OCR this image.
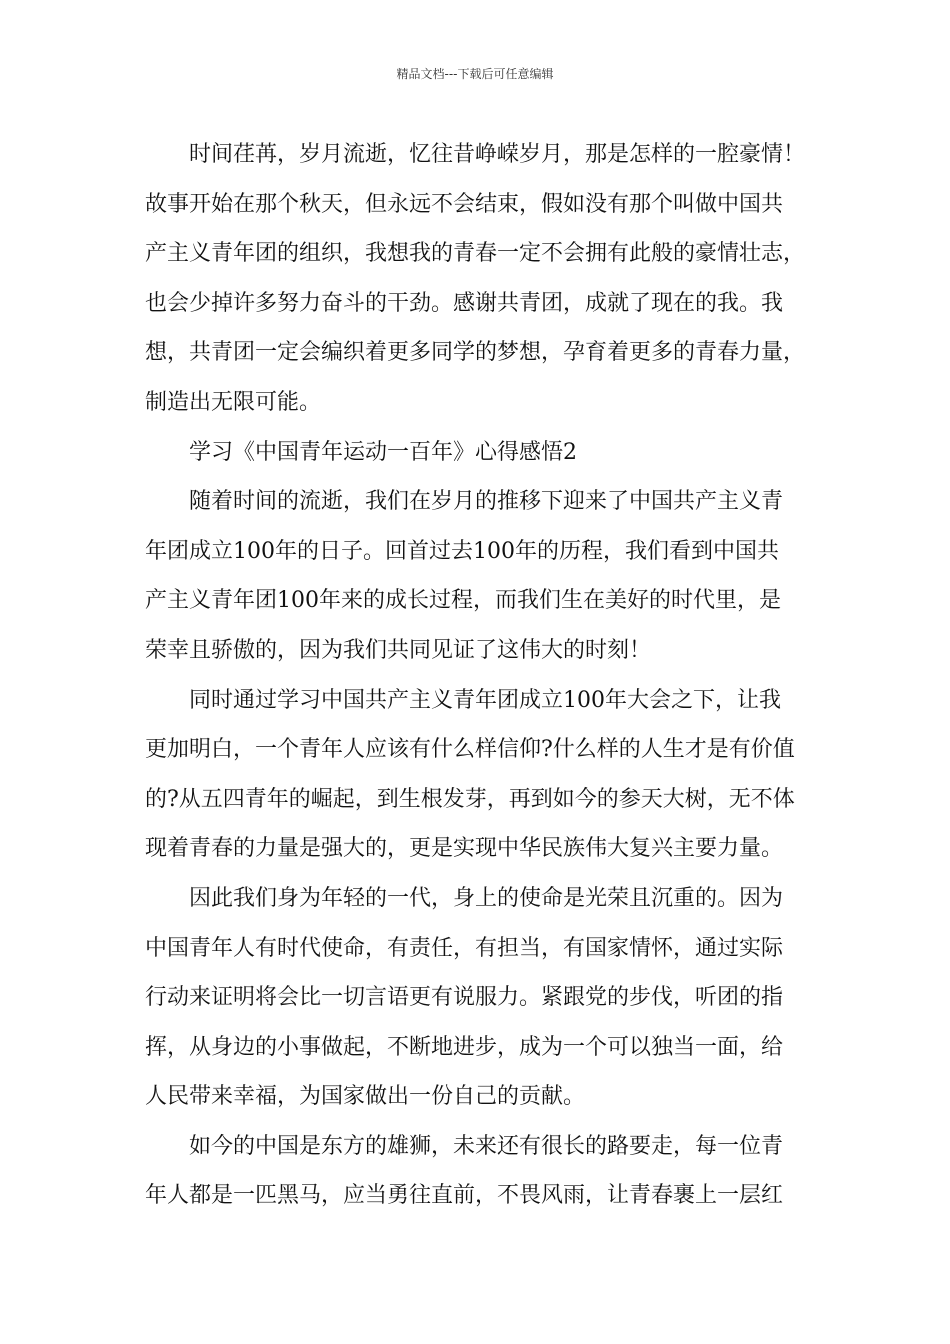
精品文档---下载后可任意编辑

时间荏苒，岁月流逝，忆往昔峥嵘岁月，那是怎样的一腔豪情！
故事开始在那个秋天，但永远不会结束，假如没有那个叫做中国共
产主义青年团的组织，我想我的青春一定不会拥有此般的豪情壮志，
也会少掉许多努力奋斗的干劲。感谢共青团，成就了现在的我。我
想，共青团一定会编织着更多同学的梦想，孕育着更多的青春力量，
制造出无限可能。

学习《中国青年运动一百年》心得感悟2

随着时间的流逝，我们在岁月的推移下迎来了中国共产主义青
年团成立100年的日子。回首过去100年的历程，我们看到中国共
产主义青年团100年来的成长过程，而我们生在美好的时代里，是
荣幸且骄傲的，因为我们共同见证了这伟大的时刻！

同时通过学习中国共产主义青年团成立100年大会之下，让我
更加明白，一个青年人应该有什么样信仰?什么样的人生才是有价值
的?从五四青年的崛起，到生根发芽，再到如今的参天大树，无不体
现着青春的力量是强大的，更是实现中华民族伟大复兴主要力量。

因此我们身为年轻的一代，身上的使命是光荣且沉重的。因为
中国青年人有时代使命，有责任，有担当，有国家情怀，通过实际
行动来证明将会比一切言语更有说服力。紧跟党的步伐，听团的指
挥，从身边的小事做起，不断地进步，成为一个可以独当一面，给
人民带来幸福，为国家做出一份自己的贡献。

如今的中国是东方的雄狮，未来还有很长的路要走，每一位青
年人都是一匹黑马，应当勇往直前，不畏风雨，让青春裹上一层红
